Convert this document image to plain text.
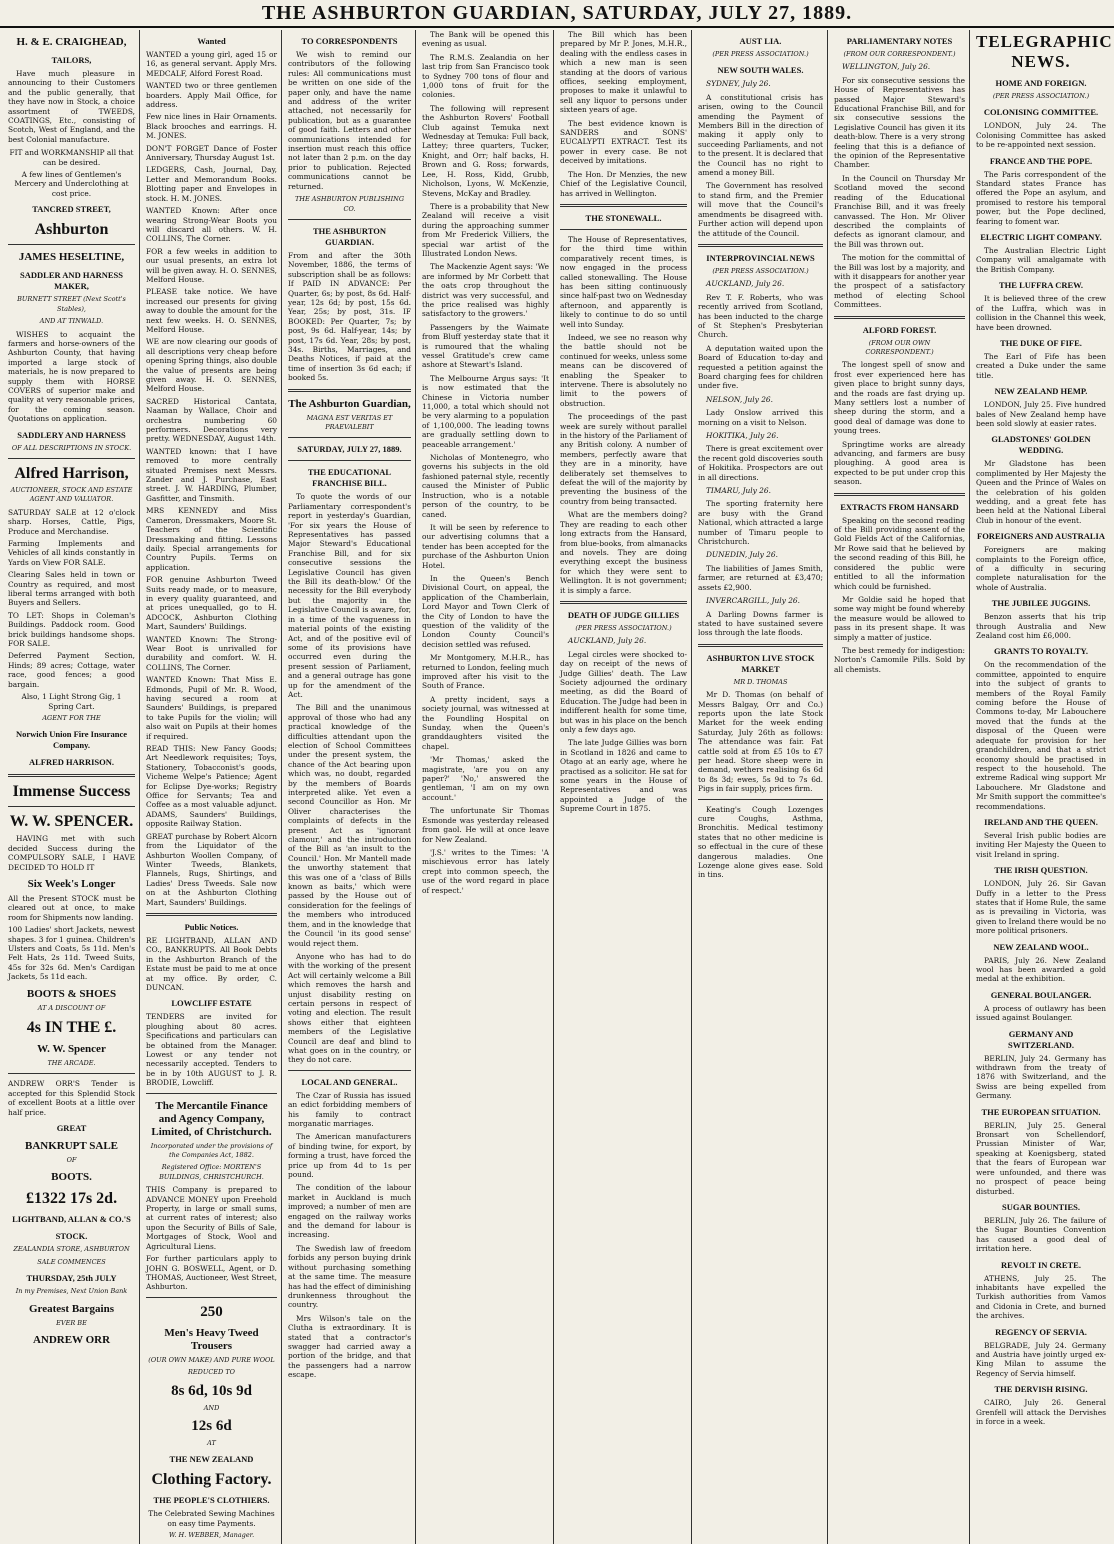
THE ASHBURTON GUARDIAN, SATURDAY, JULY 27, 1889.
H. & E. CRAIGHEAD,
TAILORS,

Have much pleasure in announcing to their Customers and the public generally, that they have now in Stock, a choice assortment of TWEEDS, COATINGS, Etc., consisting of Scotch, West of England, and the best Colonial manufacture.

FIT and WORKMANSHIP all that can be desired.

A few lines of Gentlemen's Mercery and Underclothing at cost price.

TANCRED STREET,
Ashburton
JAMES HESELTINE,
SADDLER AND HARNESS MAKER,
BURNETT STREET (Next Scott's Stables),
AND AT TINWALD.

WISHES to acquaint the farmers and horse-owners of the Ashburton County, that having imported a large stock of materials, he is now prepared to supply them with HORSE COVERS of superior make and quality at very reasonable prices, for the coming season. Quotations on application.

SADDLERY AND HARNESS
OF ALL DESCRIPTIONS IN STOCK.
Alfred Harrison,
AUCTIONEER, STOCK AND ESTATE AGENT AND VALUATOR.

SATURDAY SALE at 12 o'clock sharp. Horses, Cattle, Pigs, Produce and Merchandise.

Farming Implements and Vehicles of all kinds constantly in Yards on View FOR SALE.

Clearing Sales held in town or Country as required, and most liberal terms arranged with both Buyers and Sellers.

TO LET: Shops in Coleman's Buildings. Paddock room. Good brick buildings handsome shops. FOR SALE.

Deferred Payment Section, Hinds; 89 acres; Cottage, water race, good fences; a good bargain.

Also, 1 Light Strong Gig, 1 Spring Cart.

AGENT FOR THE
Norwich Union Fire Insurance Company.
ALFRED HARRISON.
Immense Success
W. W. SPENCER.

HAVING met with such decided Success during the COMPULSORY SALE, I HAVE DECIDED TO HOLD IT

Six Week's Longer

All the Present STOCK must be cleared out at once, to make room for Shipments now landing.

100 Ladies' short Jackets, newest shapes. 3 for 1 guinea. Children's Ulsters and Coats, 5s 11d. Men's Felt Hats, 2s 11d. Tweed Suits, 45s for 32s 6d. Men's Cardigan Jackets, 5s 11d each.

BOOTS & SHOES
AT A DISCOUNT OF
4s IN THE £.
W. W. Spencer
THE ARCADE.

ANDREW ORR'S Tender is accepted for this Splendid Stock of excellent Boots at a little over half price.

GREAT
BANKRUPT SALE
OF
BOOTS.
£1322 17s 2d.
LIGHTBAND, ALLAN & CO.'S
STOCK.
ZEALANDIA STORE, ASHBURTON
SALE COMMENCES
THURSDAY, 25th JULY
In my Premises, Next Union Bank
Greatest Bargains
EVER BE
ANDREW ORR
Wanted

WANTED a young girl, aged 15 or 16, as general servant. Apply Mrs. MEDCALF, Alford Forest Road.

WANTED two or three gentlemen boarders. Apply Mail Office, for address.

Few nice lines in Hair Ornaments. Black brooches and earrings. H. M. JONES.

DON'T FORGET Dance of Foster Anniversary, Thursday August 1st.

LEDGERS, Cash, Journal, Day, Letter and Memorandum Books. Blotting paper and Envelopes in stock. H. M. JONES.

WANTED Known: After once wearing Strong-Wear Boots you will discard all others. W. H. COLLINS, The Corner.

FOR a few weeks in addition to our usual presents, an extra lot will be given away. H. O. SENNES, Melford House.

PLEASE take notice. We have increased our presents for giving away to double the amount for the next few weeks. H. O. SENNES, Melford House.

WE are now clearing our goods of all descriptions very cheap before opening Spring things, also double the value of presents are being given away. H. O. SENNES, Melford House.

SACRED Historical Cantata, Naaman by Wallace, Choir and orchestra numbering 60 performers. Decorations very pretty. WEDNESDAY, August 14th.

WANTED known: that I have removed to more centrally situated Premises next Messrs. Zander and J. Purchase, East street. J. W. HARDING, Plumber, Gasfitter, and Tinsmith.

MRS KENNEDY and Miss Cameron, Dressmakers, Moore St. Teachers of the Scientific Dressmaking and fitting. Lessons daily. Special arrangements for Country Pupils. Terms on application.

FOR genuine Ashburton Tweed Suits ready made, or to measure, in every quality guaranteed, and at prices unequalled, go to H. ADCOCK, Ashburton Clothing Mart, Saunders' Buildings.

WANTED Known: The Strong-Wear Boot is unrivalled for durability and comfort. W. H. COLLINS, The Corner.

WANTED Known: That Miss E. Edmonds, Pupil of Mr. R. Wood, having secured a room at Saunders' Buildings, is prepared to take Pupils for the violin; will also wait on Pupils at their homes if required.

READ THIS: New Fancy Goods; Art Needlework requisites; Toys, Stationery, Tobacconist's goods, Vicheme Welpe's Patience; Agent for Eclipse Dye-works; Registry Office for Servants; Tea and Coffee as a most valuable adjunct. ADAMS, Saunders' Buildings, opposite Railway Station.

GREAT purchase by Robert Alcorn from the Liquidator of the Ashburton Woollen Company, of Winter Tweeds, Blankets, Flannels, Rugs, Shirtings, and Ladies' Dress Tweeds. Sale now on at the Ashburton Clothing Mart, Saunders' Buildings.

Public Notices.

RE LIGHTBAND, ALLAN AND CO., BANKRUPTS. All Book Debts in the Ashburton Branch of the Estate must be paid to me at once at my office. By order, C. DUNCAN.

LOWCLIFF ESTATE

TENDERS are invited for ploughing about 80 acres. Specifications and particulars can be obtained from the Manager. Lowest or any tender not necessarily accepted. Tenders to be in by 10th AUGUST to J. R. BRODIE, Lowcliff.

The Mercantile Finance and Agency Company, Limited, of Christchurch.
Incorporated under the provisions of the Companies Act, 1882.
Registered Office: MORTEN'S BUILDINGS, CHRISTCHURCH.

THIS Company is prepared to ADVANCE MONEY upon Freehold Property, in large or small sums, at current rates of interest; also upon the Security of Bills of Sale, Mortgages of Stock, Wool and Agricultural Liens.

For further particulars apply to JOHN G. BOSWELL, Agent, or D. THOMAS, Auctioneer, West Street, Ashburton.

250
Men's Heavy Tweed Trousers
(OUR OWN MAKE) AND PURE WOOL
REDUCED TO
8s 6d, 10s 9d
AND
12s 6d
AT
THE NEW ZEALAND
Clothing Factory.
THE PEOPLE'S CLOTHIERS.

The Celebrated Sewing Machines on easy time Payments.

W. H. WEBBER, Manager.
TO CORRESPONDENTS

We wish to remind our contributors of the following rules: All communications must be written on one side of the paper only, and have the name and address of the writer attached, not necessarily for publication, but as a guarantee of good faith. Letters and other communications intended for insertion must reach this office not later than 2 p.m. on the day prior to publication. Rejected communications cannot be returned.

THE ASHBURTON PUBLISHING CO.
THE ASHBURTON GUARDIAN.

From and after the 30th November, 1886, the terms of subscription shall be as follows: If PAID IN ADVANCE: Per Quarter, 6s; by post, 8s 6d. Half-year, 12s 6d; by post, 15s 6d. Year, 25s; by post, 31s. IF BOOKED: Per Quarter, 7s; by post, 9s 6d. Half-year, 14s; by post, 17s 6d. Year, 28s; by post, 34s. Births, Marriages, and Deaths Notices, if paid at the time of insertion 3s 6d each; if booked 5s.

The Ashburton Guardian,
MAGNA EST VERITAS ET PRAEVALEBIT
SATURDAY, JULY 27, 1889.
THE EDUCATIONAL FRANCHISE BILL.

To quote the words of our Parliamentary correspondent's report in yesterday's Guardian, 'For six years the House of Representatives has passed Major Steward's Educational Franchise Bill, and for six consecutive sessions the Legislative Council has given the Bill its death-blow.' Of the necessity for the Bill everybody but the majority in the Legislative Council is aware, for, in a time of the vagueness in material points of the existing Act, and of the positive evil of some of its provisions have occurred even during the present session of Parliament, and a general outrage has gone up for the amendment of the Act.

The Bill and the unanimous approval of those who had any practical knowledge of the difficulties attendant upon the election of School Committees under the present system, the chance of the Act bearing upon which was, no doubt, regarded by the members of Boards interpreted alike. Yet even a second Councillor as Hon. Mr Oliver characterises the complaints of defects in the present Act as 'ignorant clamour,' and the introduction of the Bill as 'an insult to the Council.' Hon. Mr Mantell made the unworthy statement that this was one of a 'class of Bills known as baits,' which were passed by the House out of consideration for the feelings of the members who introduced them, and in the knowledge that the Council 'in its good sense' would reject them.

Anyone who has had to do with the working of the present Act will certainly welcome a Bill which removes the harsh and unjust disability resting on certain persons in respect of voting and election. The result shows either that eighteen members of the Legislative Council are deaf and blind to what goes on in the country, or they do not care.

LOCAL AND GENERAL.

The Czar of Russia has issued an edict forbidding members of his family to contract morganatic marriages.

The American manufacturers of binding twine, for export, by forming a trust, have forced the price up from 4d to 1s per pound.

The condition of the labour market in Auckland is much improved; a number of men are engaged on the railway works and the demand for labour is increasing.

The Swedish law of freedom forbids any person buying drink without purchasing something at the same time. The measure has had the effect of diminishing drunkenness throughout the country.

Mrs Wilson's tale on the Clutha is extraordinary. It is stated that a contractor's swagger had carried away a portion of the bridge, and that the passengers had a narrow escape.

The Bank will be opened this evening as usual.

The R.M.S. Zealandia on her last trip from San Francisco took to Sydney 700 tons of flour and 1,000 tons of fruit for the colonies.

The following will represent the Ashburton Rovers' Football Club against Temuka next Wednesday at Temuka: Full back, Lattey; three quarters, Tucker, Knight, and Orr; half backs, H. Brown and G. Ross; forwards, Lee, H. Ross, Kidd, Grubb, Nicholson, Lyons, W. McKenzie, Stevens, McKay and Bradley.

There is a probability that New Zealand will receive a visit during the approaching summer from Mr Frederick Villiers, the special war artist of the Illustrated London News.

The Mackenzie Agent says: 'We are informed by Mr Corbett that the oats crop throughout the district was very successful, and the price realised was highly satisfactory to the growers.'

Passengers by the Waimate from Bluff yesterday state that it is rumoured that the whaling vessel Gratitude's crew came ashore at Stewart's Island.

The Melbourne Argus says: 'It is now estimated that the Chinese in Victoria number 11,000, a total which should not be very alarming to a population of 1,100,000. The leading towns are gradually settling down to peaceable arrangement.'

Nicholas of Montenegro, who governs his subjects in the old fashioned paternal style, recently caused the Minister of Public Instruction, who is a notable person of the country, to be caned.

It will be seen by reference to our advertising columns that a tender has been accepted for the purchase of the Ashburton Union Hotel.

In the Queen's Bench Divisional Court, on appeal, the application of the Chamberlain, Lord Mayor and Town Clerk of the City of London to have the question of the validity of the London County Council's decision settled was refused.

Mr Montgomery, M.H.R., has returned to London, feeling much improved after his visit to the South of France.

A pretty incident, says a society journal, was witnessed at the Foundling Hospital on Sunday, when the Queen's granddaughters visited the chapel.

'Mr Thomas,' asked the magistrate, 'are you on any paper?' 'No,' answered the gentleman, 'I am on my own account.'

The unfortunate Sir Thomas Esmonde was yesterday released from gaol. He will at once leave for New Zealand.

'J.S.' writes to the Times: 'A mischievous error has lately crept into common speech, the use of the word regard in place of respect.'

The Bill which has been prepared by Mr P. Jones, M.H.R., dealing with the endless cases in which a new man is seen standing at the doors of various offices, seeking employment, proposes to make it unlawful to sell any liquor to persons under sixteen years of age.

The best evidence known is SANDERS and SONS' EUCALYPTI EXTRACT. Test its power in every case. Be not deceived by imitations.

The Hon. Dr Menzies, the new Chief of the Legislative Council, has arrived in Wellington.

THE STONEWALL.

The House of Representatives, for the third time within comparatively recent times, is now engaged in the process called stonewalling. The House has been sitting continuously since half-past two on Wednesday afternoon, and apparently is likely to continue to do so until well into Sunday.

Indeed, we see no reason why the battle should not be continued for weeks, unless some means can be discovered of enabling the Speaker to intervene. There is absolutely no limit to the powers of obstruction.

The proceedings of the past week are surely without parallel in the history of the Parliament of any British colony. A number of members, perfectly aware that they are in a minority, have deliberately set themselves to defeat the will of the majority by preventing the business of the country from being transacted.

What are the members doing? They are reading to each other long extracts from the Hansard, from blue-books, from almanacks and novels. They are doing everything except the business for which they were sent to Wellington. It is not government; it is simply a farce.

DEATH OF JUDGE GILLIES
(PER PRESS ASSOCIATION.)

AUCKLAND, July 26.

Legal circles were shocked to-day on receipt of the news of Judge Gillies' death. The Law Society adjourned the ordinary meeting, as did the Board of Education. The Judge had been in indifferent health for some time, but was in his place on the bench only a few days ago.

The late Judge Gillies was born in Scotland in 1826 and came to Otago at an early age, where he practised as a solicitor. He sat for some years in the House of Representatives and was appointed a Judge of the Supreme Court in 1875.

AUST LIA.
(PER PRESS ASSOCIATION.)
NEW SOUTH WALES.

SYDNEY, July 26.

A constitutional crisis has arisen, owing to the Council amending the Payment of Members Bill in the direction of making it apply only to succeeding Parliaments, and not to the present. It is declared that the Council has no right to amend a money Bill.

The Government has resolved to stand firm, and the Premier will move that the Council's amendments be disagreed with. Further action will depend upon the attitude of the Council.

INTERPROVINCIAL NEWS
(PER PRESS ASSOCIATION.)

AUCKLAND, July 26.

Rev T. F. Roberts, who was recently arrived from Scotland, has been inducted to the charge of St Stephen's Presbyterian Church.

A deputation waited upon the Board of Education to-day and requested a petition against the Board charging fees for children under five.

NELSON, July 26.

Lady Onslow arrived this morning on a visit to Nelson.

HOKITIKA, July 26.

There is great excitement over the recent gold discoveries south of Hokitika. Prospectors are out in all directions.

TIMARU, July 26.

The sporting fraternity here are busy with the Grand National, which attracted a large number of Timaru people to Christchurch.

DUNEDIN, July 26.

The liabilities of James Smith, farmer, are returned at £3,470; assets £2,900.

INVERCARGILL, July 26.

A Darling Downs farmer is stated to have sustained severe loss through the late floods.

ASHBURTON LIVE STOCK MARKET
MR D. THOMAS

Mr D. Thomas (on behalf of Messrs Balgay, Orr and Co.) reports upon the late Stock Market for the week ending Saturday, July 26th as follows: The attendance was fair. Fat cattle sold at from £5 10s to £7 per head. Store sheep were in demand, wethers realising 6s 6d to 8s 3d; ewes, 5s 9d to 7s 6d. Pigs in fair supply, prices firm.

Keating's Cough Lozenges cure Coughs, Asthma, Bronchitis. Medical testimony states that no other medicine is so effectual in the cure of these dangerous maladies. One Lozenge alone gives ease. Sold in tins.

PARLIAMENTARY NOTES
(FROM OUR CORRESPONDENT.)

WELLINGTON, July 26.

For six consecutive sessions the House of Representatives has passed Major Steward's Educational Franchise Bill, and for six consecutive sessions the Legislative Council has given it its death-blow. There is a very strong feeling that this is a defiance of the opinion of the Representative Chamber.

In the Council on Thursday Mr Scotland moved the second reading of the Educational Franchise Bill, and it was freely canvassed. The Hon. Mr Oliver described the complaints of defects as ignorant clamour, and the Bill was thrown out.

The motion for the committal of the Bill was lost by a majority, and with it disappears for another year the prospect of a satisfactory method of electing School Committees.

ALFORD FOREST.
(FROM OUR OWN CORRESPONDENT.)

The longest spell of snow and frost ever experienced here has given place to bright sunny days, and the roads are fast drying up. Many settlers lost a number of sheep during the storm, and a good deal of damage was done to young trees.

Springtime works are already advancing, and farmers are busy ploughing. A good area is expected to be put under crop this season.

EXTRACTS FROM HANSARD

Speaking on the second reading of the Bill providing assent of the Gold Fields Act of the Californias, Mr Rowe said that he believed by the second reading of this Bill, he considered the public were entitled to all the information which could be furnished.

Mr Goldie said he hoped that some way might be found whereby the measure would be allowed to pass in its present shape. It was simply a matter of justice.

The best remedy for indigestion: Norton's Camomile Pills. Sold by all chemists.

TELEGRAPHIC NEWS.
HOME AND FOREIGN.
(PER PRESS ASSOCIATION.)
COLONISING COMMITTEE.

LONDON, July 24. The Colonising Committee has asked to be re-appointed next session.

FRANCE AND THE POPE.

The Paris correspondent of the Standard states France has offered the Pope an asylum, and promised to restore his temporal power, but the Pope declined, fearing to foment war.

ELECTRIC LIGHT COMPANY.

The Australian Electric Light Company will amalgamate with the British Company.

THE LUFFRA CREW.

It is believed three of the crew of the Luffra, which was in collision in the Channel this week, have been drowned.

THE DUKE OF FIFE.

The Earl of Fife has been created a Duke under the same title.

NEW ZEALAND HEMP.

LONDON, July 25. Five hundred bales of New Zealand hemp have been sold slowly at easier rates.

GLADSTONES' GOLDEN WEDDING.

Mr Gladstone has been complimented by Her Majesty the Queen and the Prince of Wales on the celebration of his golden wedding, and a great fete has been held at the National Liberal Club in honour of the event.

FOREIGNERS AND AUSTRALIA

Foreigners are making complaints to the Foreign office, of a difficulty in securing complete naturalisation for the whole of Australia.

THE JUBILEE JUGGINS.

Benzon asserts that his trip through Australia and New Zealand cost him £6,000.

GRANTS TO ROYALTY.

On the recommendation of the committee, appointed to enquire into the subject of grants to members of the Royal Family coming before the House of Commons to-day, Mr Labouchere moved that the funds at the disposal of the Queen were adequate for provision for her grandchildren, and that a strict economy should be practised in respect to the household. The extreme Radical wing support Mr Labouchere. Mr Gladstone and Mr Smith support the committee's recommendations.

IRELAND AND THE QUEEN.

Several Irish public bodies are inviting Her Majesty the Queen to visit Ireland in spring.

THE IRISH QUESTION.

LONDON, July 26. Sir Gavan Duffy in a letter to the Press states that if Home Rule, the same as is prevailing in Victoria, was given to Ireland there would be no more political prisoners.

NEW ZEALAND WOOL.

PARIS, July 26. New Zealand wool has been awarded a gold medal at the exhibition.

GENERAL BOULANGER.

A process of outlawry has been issued against Boulanger.

GERMANY AND SWITZERLAND.

BERLIN, July 24. Germany has withdrawn from the treaty of 1876 with Switzerland, and the Swiss are being expelled from Germany.

THE EUROPEAN SITUATION.

BERLIN, July 25. General Bronsart von Schellendorf, Prussian Minister of War, speaking at Koenigsberg, stated that the fears of European war were unfounded, and there was no prospect of peace being disturbed.

SUGAR BOUNTIES.

BERLIN, July 26. The failure of the Sugar Bounties Convention has caused a good deal of irritation here.

REVOLT IN CRETE.

ATHENS, July 25. The inhabitants have expelled the Turkish authorities from Vamos and Cidonia in Crete, and burned the archives.

REGENCY OF SERVIA.

BELGRADE, July 24. Germany and Austria have jointly urged ex-King Milan to assume the Regency of Servia himself.

THE DERVISH RISING.

CAIRO, July 26. General Grenfell will attack the Dervishes in force in a week.
